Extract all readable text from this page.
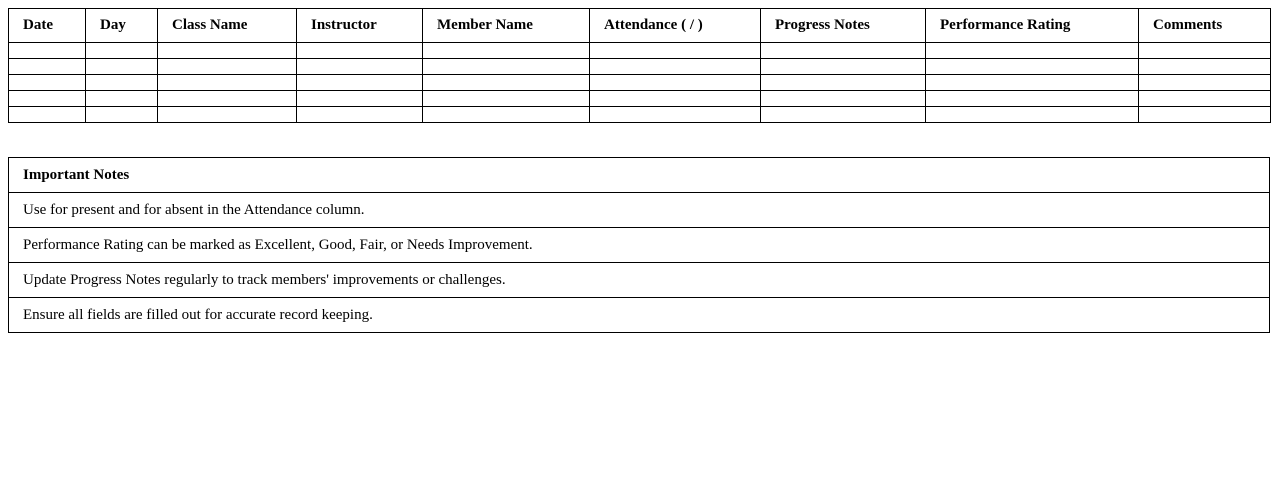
Date	Day	Class Name	Instructor	Member Name	Attendance ( / )	Progress Notes	Performance Rating	Comments

Important Notes
Use for present and for absent in the Attendance column.
Performance Rating can be marked as Excellent, Good, Fair, or Needs Improvement.
Update Progress Notes regularly to track members' improvements or challenges.
Ensure all fields are filled out for accurate record keeping.
